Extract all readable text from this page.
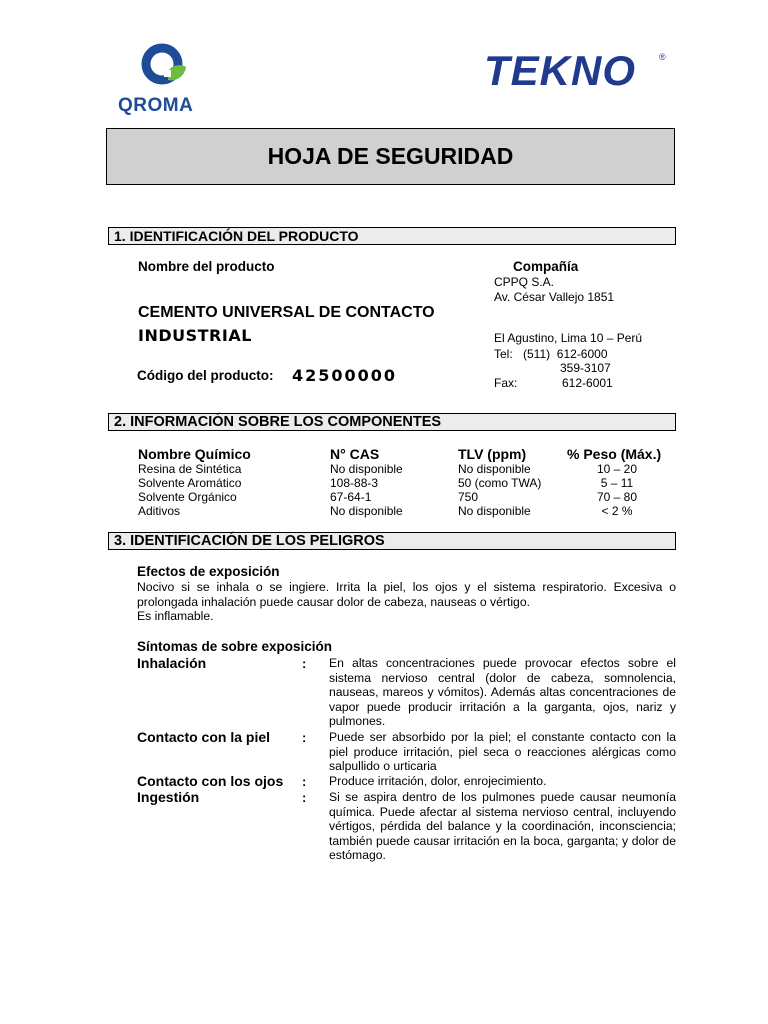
QROMA
TEKNO	®
HOJA DE SEGURIDAD
1. IDENTIFICACIÓN DEL PRODUCTO
Nombre del producto
CEMENTO UNIVERSAL DE CONTACTO
INDUSTRIAL
Código del producto: 42500000
Compañía
CPPQ S.A.
Av. César Vallejo 1851
El Agustino, Lima 10 – Perú
Tel: (511)  612-6000
359-3107
Fax:	612-6001
2. INFORMACIÓN SOBRE LOS COMPONENTES
Nombre Químico	N° CAS	TLV (ppm)	% Peso (Máx.)
Resina de Sintética	No disponible	No disponible	10 – 20
Solvente Aromático	108-88-3	50 (como TWA)	5 – 11
Solvente Orgánico	67-64-1	750	70 – 80
Aditivos	No disponible	No disponible	< 2 %
3. IDENTIFICACIÓN DE LOS PELIGROS
Efectos de exposición
Nocivo si se inhala o se ingiere. Irrita la piel, los ojos y el sistema respiratorio. Excesiva o prolongada inhalación puede causar dolor de cabeza, nauseas o vértigo.
Es inflamable.
Síntomas de sobre exposición
Inhalación	: En altas concentraciones puede provocar efectos sobre el sistema nervioso central (dolor de cabeza, somnolencia, nauseas, mareos y vómitos). Además altas concentraciones de vapor puede producir irritación a la garganta, ojos, nariz y pulmones.
Contacto con la piel : Puede ser absorbido por la piel; el constante contacto con la piel produce irritación, piel seca o reacciones alérgicas como salpullido o urticaria
Contacto con los ojos : Produce irritación, dolor, enrojecimiento.
Ingestión	: Si se aspira dentro de los pulmones puede causar neumonía química. Puede afectar al sistema nervioso central, incluyendo vértigos, pérdida del balance y la coordinación, inconsciencia; también puede causar irritación en la boca, garganta; y dolor de estómago.
